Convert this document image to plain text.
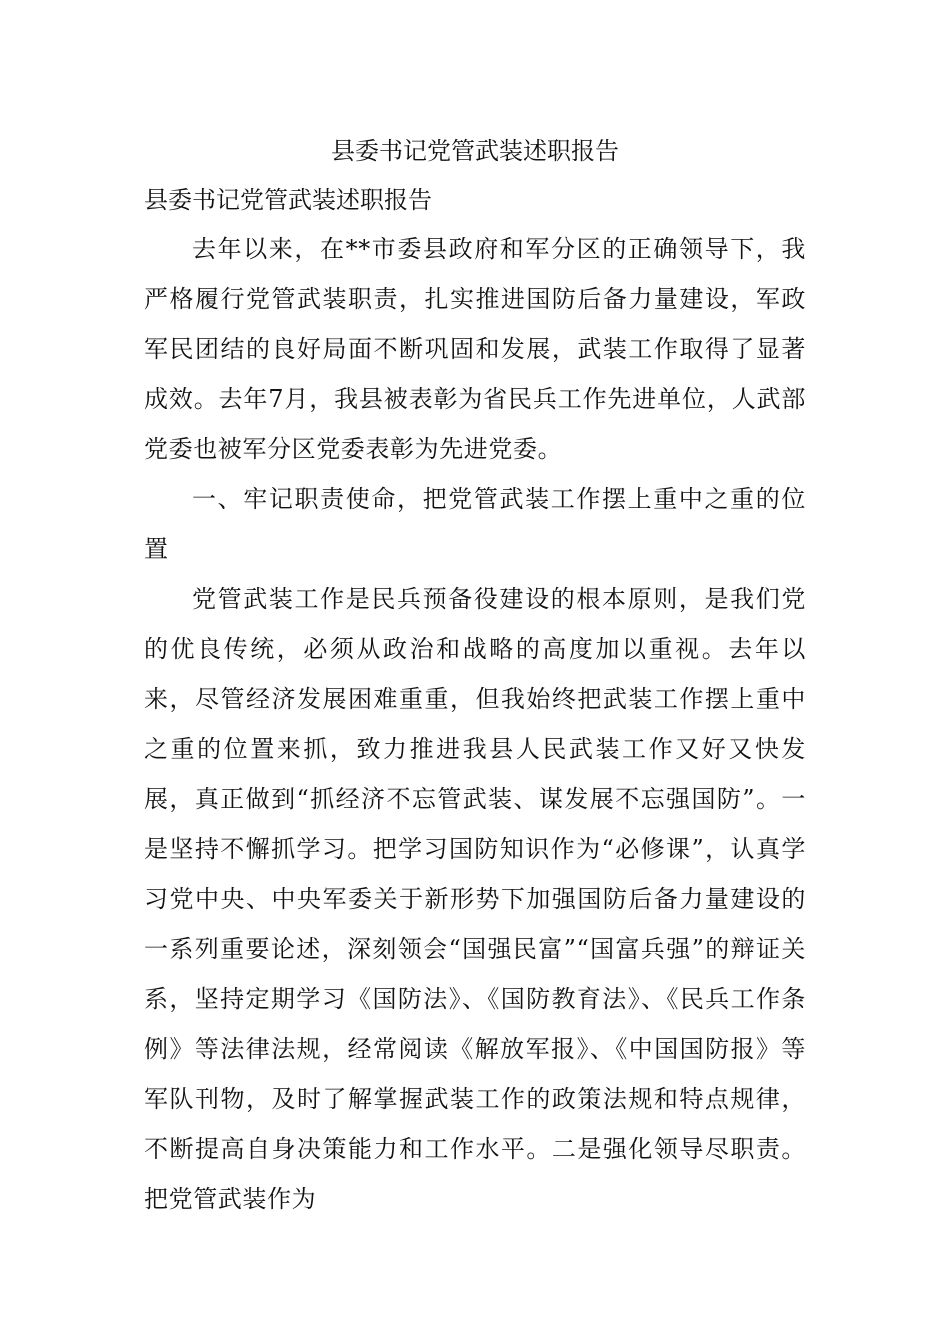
县委书记党管武装述职报告
县委书记党管武装述职报告

去年以来，在**市委县政府和军分区的正确领导下，我严格履行党管武装职责，扎实推进国防后备力量建设，军政军民团结的良好局面不断巩固和发展，武装工作取得了显著成效。去年7月，我县被表彰为省民兵工作先进单位，人武部党委也被军分区党委表彰为先进党委。

一、牢记职责使命，把党管武装工作摆上重中之重的位置

党管武装工作是民兵预备役建设的根本原则，是我们党的优良传统，必须从政治和战略的高度加以重视。去年以来，尽管经济发展困难重重，但我始终把武装工作摆上重中之重的位置来抓，致力推进我县人民武装工作又好又快发展，真正做到“抓经济不忘管武装、谋发展不忘强国防”。一是坚持不懈抓学习。把学习国防知识作为“必修课”，认真学习党中央、中央军委关于新形势下加强国防后备力量建设的一系列重要论述，深刻领会“国强民富”“国富兵强”的辩证关系，坚持定期学习《国防法》、《国防教育法》、《民兵工作条例》等法律法规，经常阅读《解放军报》、《中国国防报》等军队刊物，及时了解掌握武装工作的政策法规和特点规律，不断提高自身决策能力和工作水平。二是强化领导尽职责。把党管武装作为
